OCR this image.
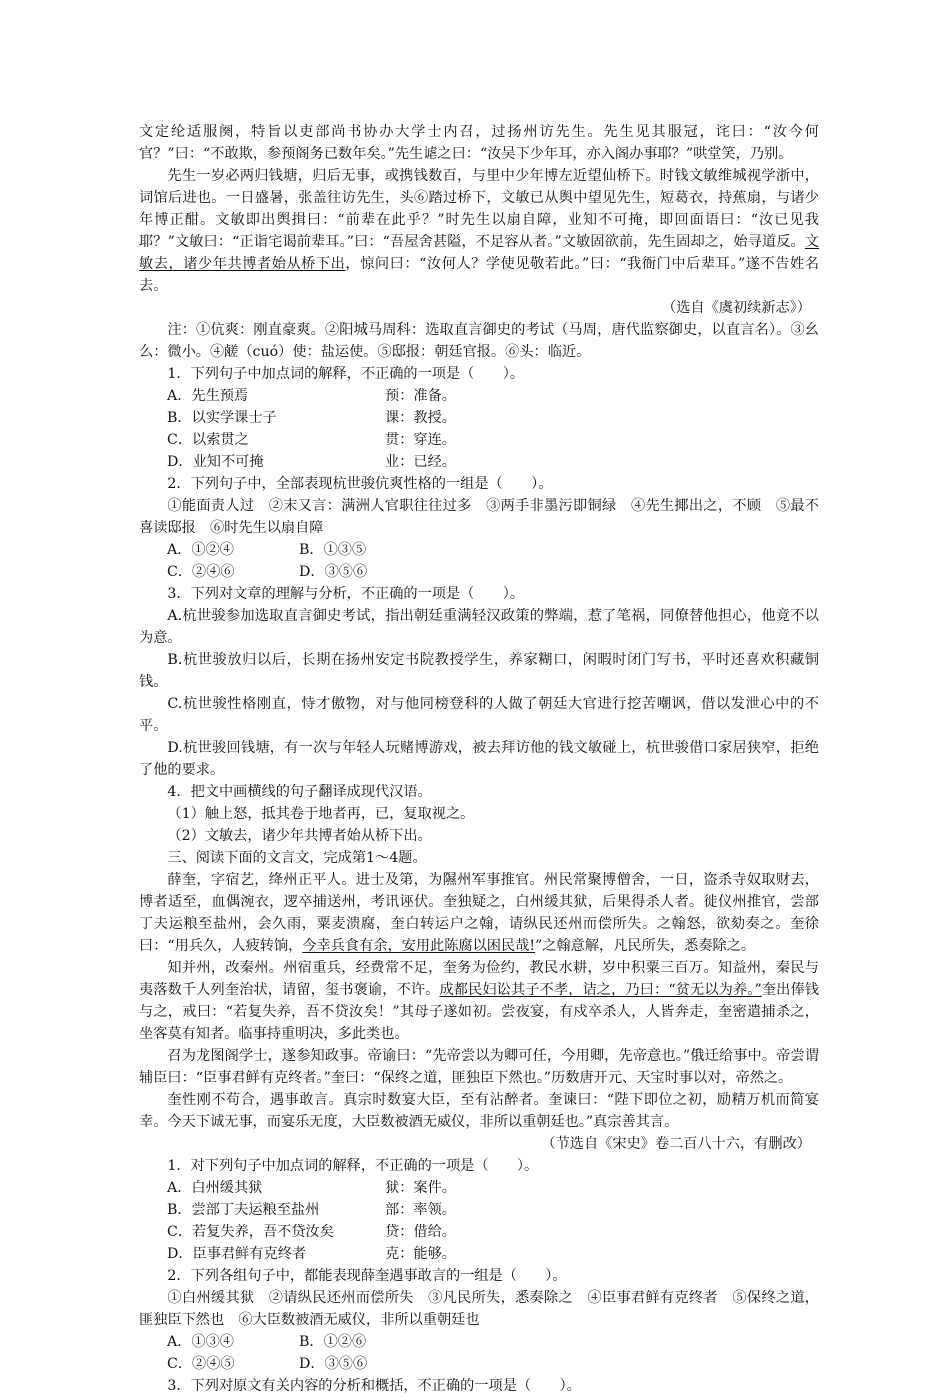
文定纶适服阕，特旨以吏部尚书协办大学士内召，过扬州访先生。先生见其服冠，诧曰：“汝今何官？”曰：“不敢欺，参预阁务已数年矣。”先生谑之曰：“汝吴下少年耳，亦入阁办事耶？”哄堂笑，乃别。

先生一岁必两归钱塘，归后无事，或携钱数百，与里中少年博左近望仙桥下。时钱文敏维城视学浙中，词馆后进也。一日盛暑，张盖往访先生，头⑥踏过桥下，文敏已从舆中望见先生，短葛衣，持蕉扇，与诸少年博正酣。文敏即出舆揖曰：“前辈在此乎？”时先生以扇自障，业知不可掩，即回面语曰：“汝已见我耶？”文敏曰：“正诣宅谒前辈耳。”曰：“吾屋舍甚隘，不足容从者。”文敏固欲前，先生固却之，始寻道反。文敏去，诸少年共博者始从桥下出，惊问曰：“汝何人？学使见敬若此。”曰：“我衙门中后辈耳。”遂不告姓名去。

（选自《虞初续新志》）

注：①伉爽：刚直豪爽。②阳城马周科：选取直言御史的考试（马周，唐代监察御史，以直言名）。③幺么：微小。④鹾（cuó）使：盐运使。⑤邸报：朝廷官报。⑥头：临近。

1．下列句子中加点词的解释，不正确的一项是（　　）。

A．先生预焉	预：准备。
B．以实学课士子	课：教授。
C．以索贯之	贯：穿连。
D．业知不可掩	业：已经。

2．下列句子中，全部表现杭世骏伉爽性格的一组是（　　）。

①能面责人过　②末又言：满洲人官职往往过多　③两手非墨污即铜绿　④先生揶出之，不顾　⑤最不喜读邸报　⑥时先生以扇自障

A．①②④	B．①③⑤
C．②④⑥	D．③⑤⑥

3．下列对文章的理解与分析，不正确的一项是（　　）。

A.杭世骏参加选取直言御史考试，指出朝廷重满轻汉政策的弊端，惹了笔祸，同僚替他担心，他竟不以为意。

B.杭世骏放归以后，长期在扬州安定书院教授学生，养家糊口，闲暇时闭门写书，平时还喜欢积藏铜钱。

C.杭世骏性格刚直，恃才傲物，对与他同榜登科的人做了朝廷大官进行挖苦嘲讽，借以发泄心中的不平。

D.杭世骏回钱塘，有一次与年轻人玩赌博游戏，被去拜访他的钱文敏碰上，杭世骏借口家居狭窄，拒绝了他的要求。

4．把文中画横线的句子翻译成现代汉语。

（1）触上怒，抵其卷于地者再，已，复取视之。

（2）文敏去，诸少年共博者始从桥下出。

三、阅读下面的文言文，完成第1～4题。

薛奎，字宿艺，绛州正平人。进士及第，为隰州军事推官。州民常聚博僧舍，一日，盗杀寺奴取财去，博者适至，血偶涴衣，逻卒捕送州，考讯诬伏。奎独疑之，白州缓其狱，后果得杀人者。徙仪州推官，尝部丁夫运粮至盐州，会久雨，粟麦溃腐，奎白转运户之翰，请纵民还州而偿所失。之翰怒，欲劾奏之。奎徐曰：“用兵久，人疲转饷，今幸兵食有余，安用此陈腐以困民哉!”之翰意解，凡民所失，悉奏除之。

知并州，改秦州。州宿重兵，经费常不足，奎务为俭约，教民水耕，岁中积粟三百万。知益州，秦民与夷落数千人列奎治状，请留，玺书褒谕，不许。成都民妇讼其子不孝，诘之，乃曰：“贫无以为养。”奎出俸钱与之，戒曰：“若复失养，吾不贷汝矣！”其母子遂如初。尝夜宴，有戍卒杀人，人皆奔走，奎密遣捕杀之，坐客莫有知者。临事持重明决，多此类也。

召为龙图阁学士，遂参知政事。帝谕曰：“先帝尝以为卿可任，今用卿，先帝意也。”俄迁给事中。帝尝谓辅臣曰：“臣事君鲜有克终者。”奎曰：“保终之道，匪独臣下然也。”历数唐开元、天宝时事以对，帝然之。

奎性刚不苟合，遇事敢言。真宗时数宴大臣，至有沾醉者。奎谏曰：“陛下即位之初，励精万机而简宴幸。今天下诚无事，而宴乐无度，大臣数被酒无威仪，非所以重朝廷也。”真宗善其言。

（节选自《宋史》卷二百八十六，有删改）

1．对下列句子中加点词的解释，不正确的一项是（　　）。

A．白州缓其狱	狱：案件。
B．尝部丁夫运粮至盐州	部：率领。
C．若复失养，吾不贷汝矣	贷：借给。
D．臣事君鲜有克终者	克：能够。

2．下列各组句子中，都能表现薛奎遇事敢言的一组是（　　）。

①白州缓其狱　②请纵民还州而偿所失　③凡民所失，悉奏除之　④臣事君鲜有克终者　⑤保终之道，匪独臣下然也　⑥大臣数被酒无威仪，非所以重朝廷也

A．①③④	B．①②⑥
C．②④⑤	D．③⑤⑥

3．下列对原文有关内容的分析和概括，不正确的一项是（　　）。
